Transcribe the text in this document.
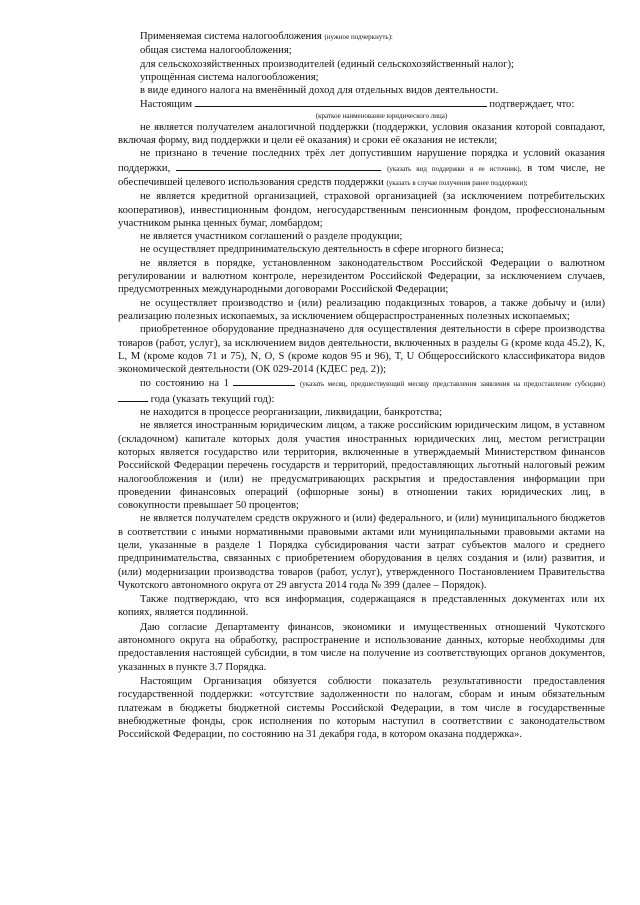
Применяемая система налогообложения (нужное подчеркнуть):
общая система налогообложения;
для сельскохозяйственных производителей (единый сельскохозяйственный налог);
упрощённая система налогообложения;
в виде единого налога на вменённый доход для отдельных видов деятельности.
Настоящим	подтверждает, что:
(краткое наименование юридического лица)
не является получателем аналогичной поддержки (поддержки, условия оказания которой совпадают, включая форму, вид поддержки и цели её оказания) и сроки её оказания не истекли;
не признано в течение последних трёх лет допустившим нарушение порядка и условий оказания поддержки,	(указать вид поддержки и ее источник), в том числе, не обеспечившей целевого использования средств поддержки (указать в случае получения ранее поддержки);
не является кредитной организацией, страховой организацией (за исключением потребительских кооперативов), инвестиционным фондом, негосударственным пенсионным фондом, профессиональным участником рынка ценных бумаг, ломбардом;
не является участником соглашений о разделе продукции;
не осуществляет предпринимательскую деятельность в сфере игорного бизнеса;
не является в порядке, установленном законодательством Российской Федерации о валютном регулировании и валютном контроле, нерезидентом Российской Федерации, за исключением случаев, предусмотренных международными договорами Российской Федерации;
не осуществляет производство и (или) реализацию подакцизных товаров, а также добычу и (или) реализацию полезных ископаемых, за исключением общераспространенных полезных ископаемых;
приобретенное оборудование предназначено для осуществления деятельности в сфере производства товаров (работ, услуг), за исключением видов деятельности, включенных в разделы G (кроме кода 45.2), K, L, M (кроме кодов 71 и 75), N, O, S (кроме кодов 95 и 96), T, U Общероссийского классификатора видов экономической деятельности (ОК 029-2014 (КДЕС ред. 2));
по состоянию на 1	(указать месяц, предшествующий месяцу представления заявления на предоставление субсидии)  года (указать текущий год):
не находится в процессе реорганизации, ликвидации, банкротства;
не является иностранным юридическим лицом, а также российским юридическим лицом, в уставном (складочном) капитале которых доля участия иностранных юридических лиц, местом регистрации которых является государство или территория, включенные в утверждаемый Министерством финансов Российской Федерации перечень государств и территорий, предоставляющих льготный налоговый режим налогообложения и (или) не предусматривающих раскрытия и предоставления информации при проведении финансовых операций (офшорные зоны) в отношении таких юридических лиц, в совокупности превышает 50 процентов;
не является получателем средств окружного и (или) федерального, и (или) муниципального бюджетов в соответствии с иными нормативными правовыми актами или муниципальными правовыми актами на цели, указанные в разделе 1 Порядка субсидирования части затрат субъектов малого и среднего предпринимательства, связанных с приобретением оборудования в целях создания и (или) развития, и (или) модернизации производства товаров (работ, услуг), утвержденного Постановлением Правительства Чукотского автономного округа от 29 августа 2014 года № 399 (далее – Порядок).
Также подтверждаю, что вся информация, содержащаяся в представленных документах или их копиях, является подлинной.
Даю согласие Департаменту финансов, экономики и имущественных отношений Чукотского автономного округа на обработку, распространение и использование данных, которые необходимы для предоставления настоящей субсидии, в том числе на получение из соответствующих органов документов, указанных в пункте 3.7 Порядка.
Настоящим Организация обязуется соблюсти показатель результативности предоставления государственной поддержки: «отсутствие задолженности по налогам, сборам и иным обязательным платежам в бюджеты бюджетной системы Российской Федерации, в том числе в государственные внебюджетные фонды, срок исполнения по которым наступил в соответствии с законодательством Российской Федерации, по состоянию на 31 декабря года, в котором оказана поддержка».
